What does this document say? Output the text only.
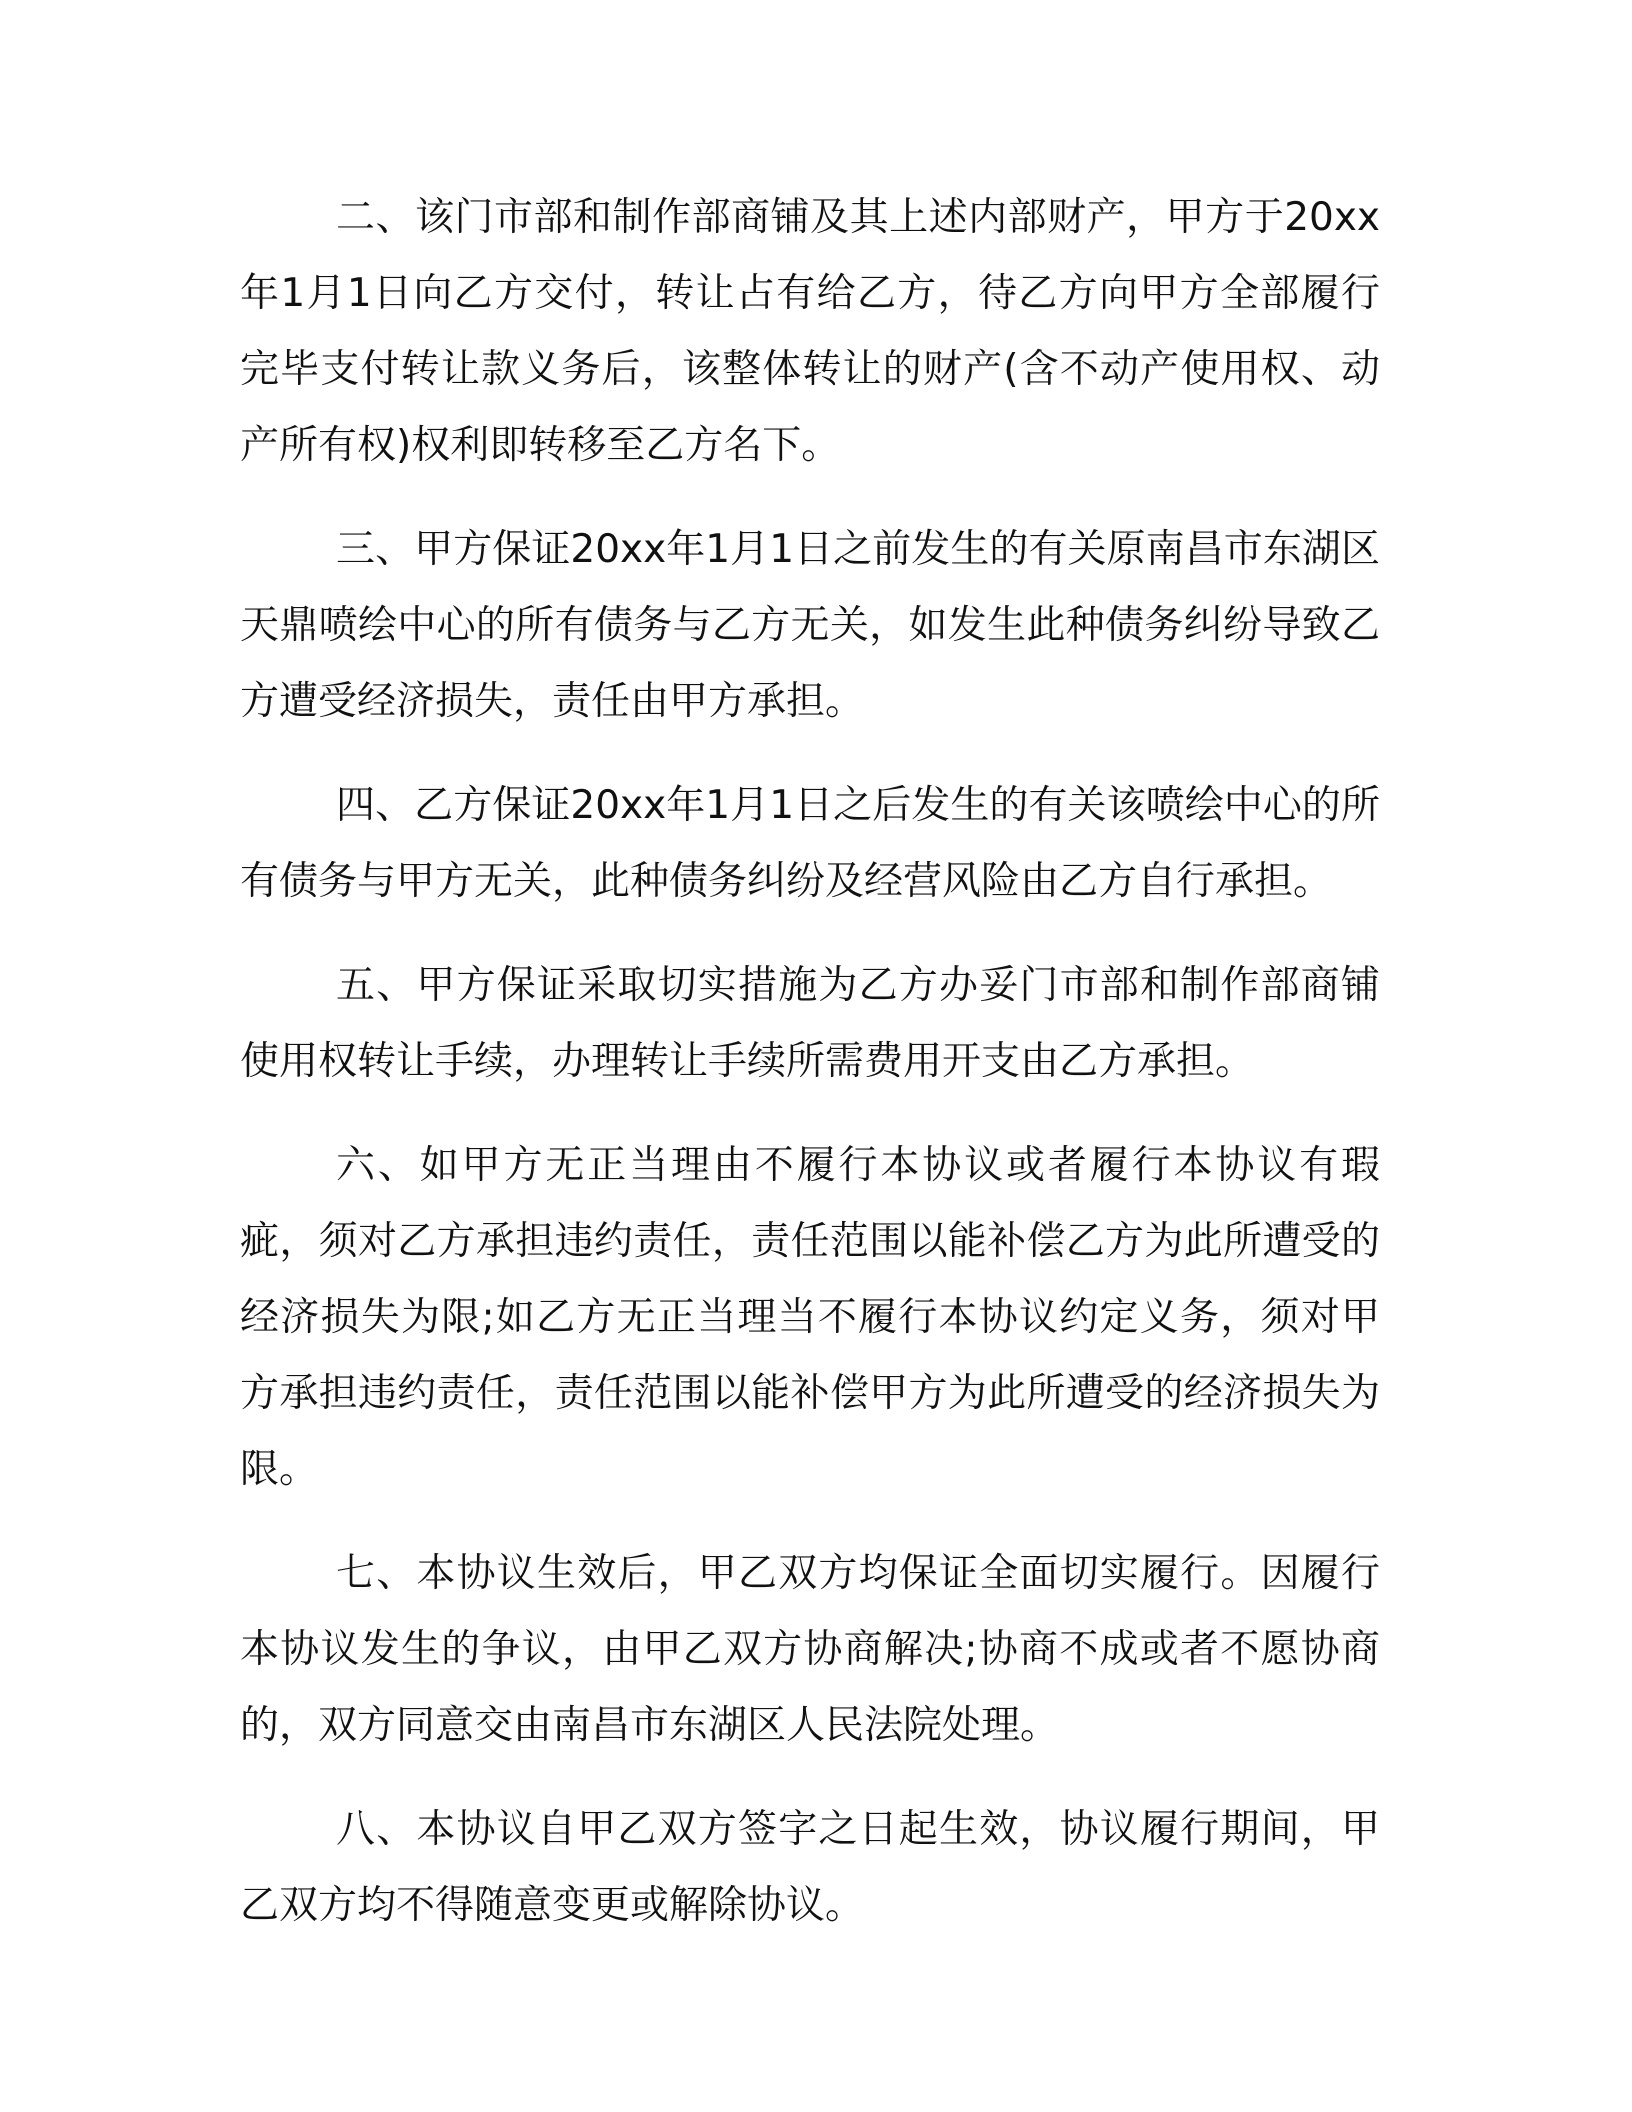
二、该门市部和制作部商铺及其上述内部财产，甲方于20xx年1月1日向乙方交付，转让占有给乙方，待乙方向甲方全部履行完毕支付转让款义务后，该整体转让的财产(含不动产使用权、动产所有权)权利即转移至乙方名下。

三、甲方保证20xx年1月1日之前发生的有关原南昌市东湖区天鼎喷绘中心的所有债务与乙方无关，如发生此种债务纠纷导致乙方遭受经济损失，责任由甲方承担。

四、乙方保证20xx年1月1日之后发生的有关该喷绘中心的所有债务与甲方无关，此种债务纠纷及经营风险由乙方自行承担。

五、甲方保证采取切实措施为乙方办妥门市部和制作部商铺使用权转让手续，办理转让手续所需费用开支由乙方承担。

六、如甲方无正当理由不履行本协议或者履行本协议有瑕疵，须对乙方承担违约责任，责任范围以能补偿乙方为此所遭受的经济损失为限;如乙方无正当理当不履行本协议约定义务，须对甲方承担违约责任，责任范围以能补偿甲方为此所遭受的经济损失为限。

七、本协议生效后，甲乙双方均保证全面切实履行。因履行本协议发生的争议，由甲乙双方协商解决;协商不成或者不愿协商的，双方同意交由南昌市东湖区人民法院处理。

八、本协议自甲乙双方签字之日起生效，协议履行期间，甲乙双方均不得随意变更或解除协议。
